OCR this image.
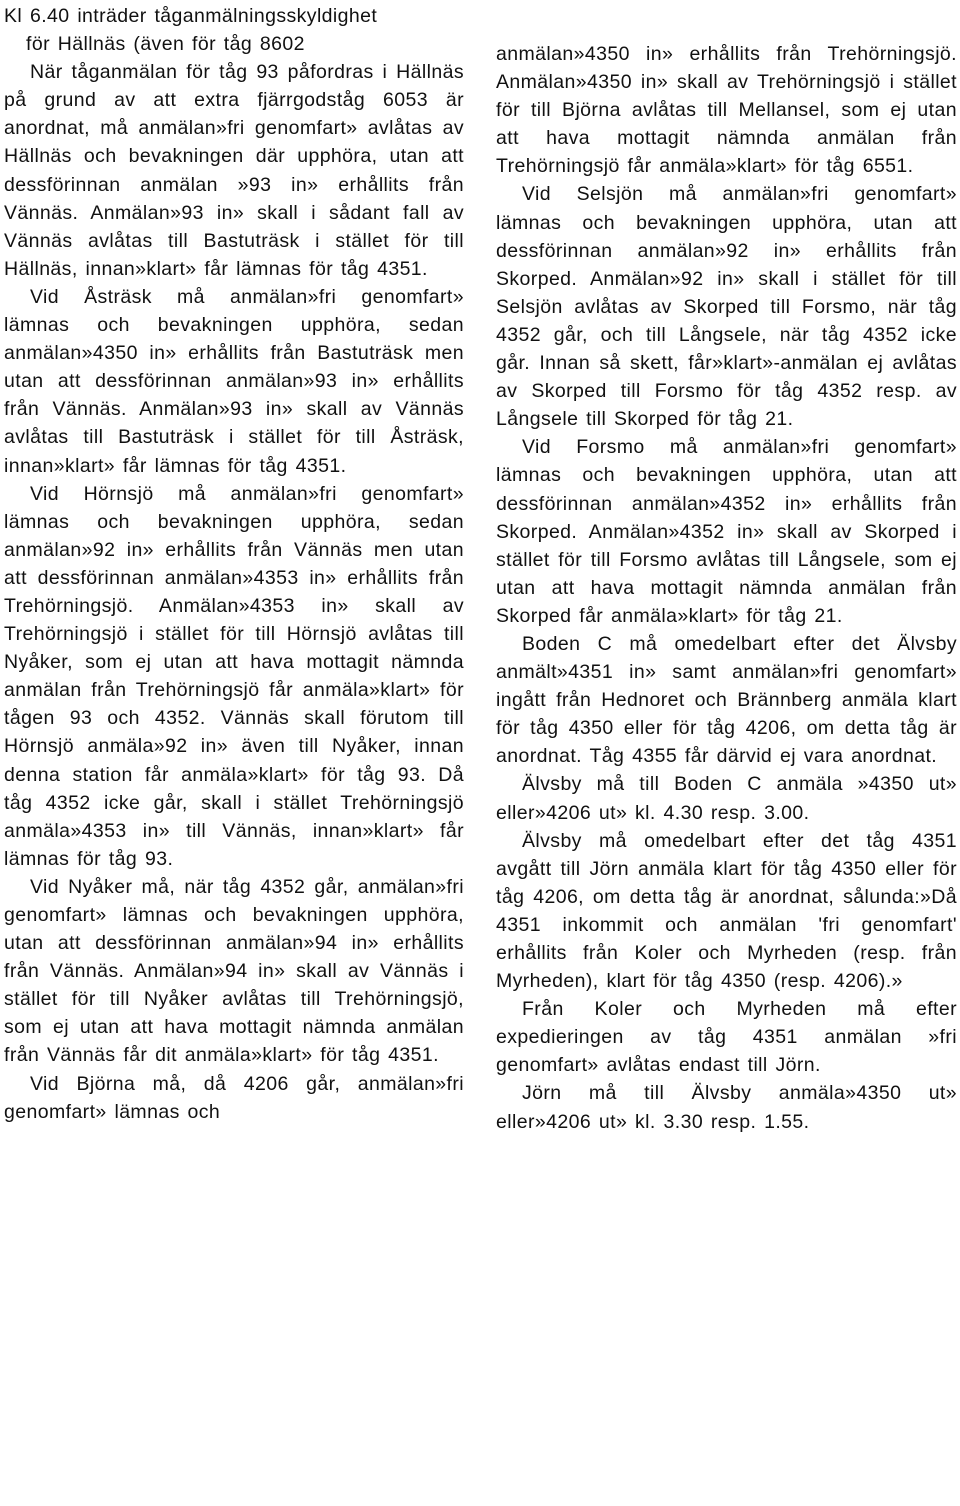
Kl 6.40 inträder tåganmälningsskyldighet
för Hällnäs (även för tåg 8602

När tåganmälan för tåg 93 påfordras i Hällnäs på grund av att extra fjärrgodståg 6053 är anordnat, må anmälan»fri genomfart» avlåtas av Hällnäs och bevakningen där upphöra, utan att dessförinnan anmälan »93 in» erhållits från Vännäs. Anmälan»93 in» skall i sådant fall av Vännäs avlåtas till Bastuträsk i stället för till Hällnäs, innan»klart» får lämnas för tåg 4351.

Vid Åsträsk må anmälan»fri genomfart» lämnas och bevakningen upphöra, sedan anmälan»4350 in» erhållits från Bastuträsk men utan att dessförinnan anmälan»93 in» erhållits från Vännäs. Anmälan»93 in» skall av Vännäs avlåtas till Bastuträsk i stället för till Åsträsk, innan»klart» får lämnas för tåg 4351.

Vid Hörnsjö må anmälan»fri genomfart» lämnas och bevakningen upphöra, sedan anmälan»92 in» erhållits från Vännäs men utan att dessförinnan anmälan»4353 in» erhållits från Trehörningsjö. Anmälan»4353 in» skall av Trehörningsjö i stället för till Hörnsjö avlåtas till Nyåker, som ej utan att hava mottagit nämnda anmälan från Trehörningsjö får anmäla»klart» för tågen 93 och 4352. Vännäs skall förutom till Hörnsjö anmäla»92 in» även till Nyåker, innan denna station får anmäla»klart» för tåg 93. Då tåg 4352 icke går, skall i stället Trehörningsjö anmäla»4353 in» till Vännäs, innan»klart» får lämnas för tåg 93.

Vid Nyåker må, när tåg 4352 går, anmälan»fri genomfart» lämnas och bevakningen upphöra, utan att dessförinnan anmälan»94 in» erhållits från Vännäs. Anmälan»94 in» skall av Vännäs i stället för till Nyåker avlåtas till Trehörningsjö, som ej utan att hava mottagit nämnda anmälan från Vännäs får dit anmäla»klart» för tåg 4351.

Vid Björna må, då 4206 går, anmälan»fri genomfart» lämnas och

anmälan»4350 in» erhållits från Trehörningsjö. Anmälan»4350 in» skall av Trehörningsjö i stället för till Björna avlåtas till Mellansel, som ej utan att hava mottagit nämnda anmälan från Trehörningsjö får anmäla»klart» för tåg 6551.

Vid Selsjön må anmälan»fri genomfart» lämnas och bevakningen upphöra, utan att dessförinnan anmälan»92 in» erhållits från Skorped. Anmälan»92 in» skall i stället för till Selsjön avlåtas av Skorped till Forsmo, när tåg 4352 går, och till Långsele, när tåg 4352 icke går. Innan så skett, får»klart»-anmälan ej avlåtas av Skorped till Forsmo för tåg 4352 resp. av Långsele till Skorped för tåg 21.

Vid Forsmo må anmälan»fri genomfart» lämnas och bevakningen upphöra, utan att dessförinnan anmälan»4352 in» erhållits från Skorped. Anmälan»4352 in» skall av Skorped i stället för till Forsmo avlåtas till Långsele, som ej utan att hava mottagit nämnda anmälan från Skorped får anmäla»klart» för tåg 21.

Boden C må omedelbart efter det Älvsby anmält»4351 in» samt anmälan»fri genomfart» ingått från Hednoret och Brännberg anmäla klart för tåg 4350 eller för tåg 4206, om detta tåg är anordnat. Tåg 4355 får därvid ej vara anordnat.

Älvsby må till Boden C anmäla »4350 ut» eller»4206 ut» kl. 4.30 resp. 3.00.

Älvsby må omedelbart efter det tåg 4351 avgått till Jörn anmäla klart för tåg 4350 eller för tåg 4206, om detta tåg är anordnat, sålunda:»Då 4351 inkommit och anmälan 'fri genomfart' erhållits från Koler och Myrheden (resp. från Myrheden), klart för tåg 4350 (resp. 4206).»

Från Koler och Myrheden må efter expedieringen av tåg 4351 anmälan »fri genomfart» avlåtas endast till Jörn.

Jörn må till Älvsby anmäla»4350 ut» eller»4206 ut» kl. 3.30 resp. 1.55.
